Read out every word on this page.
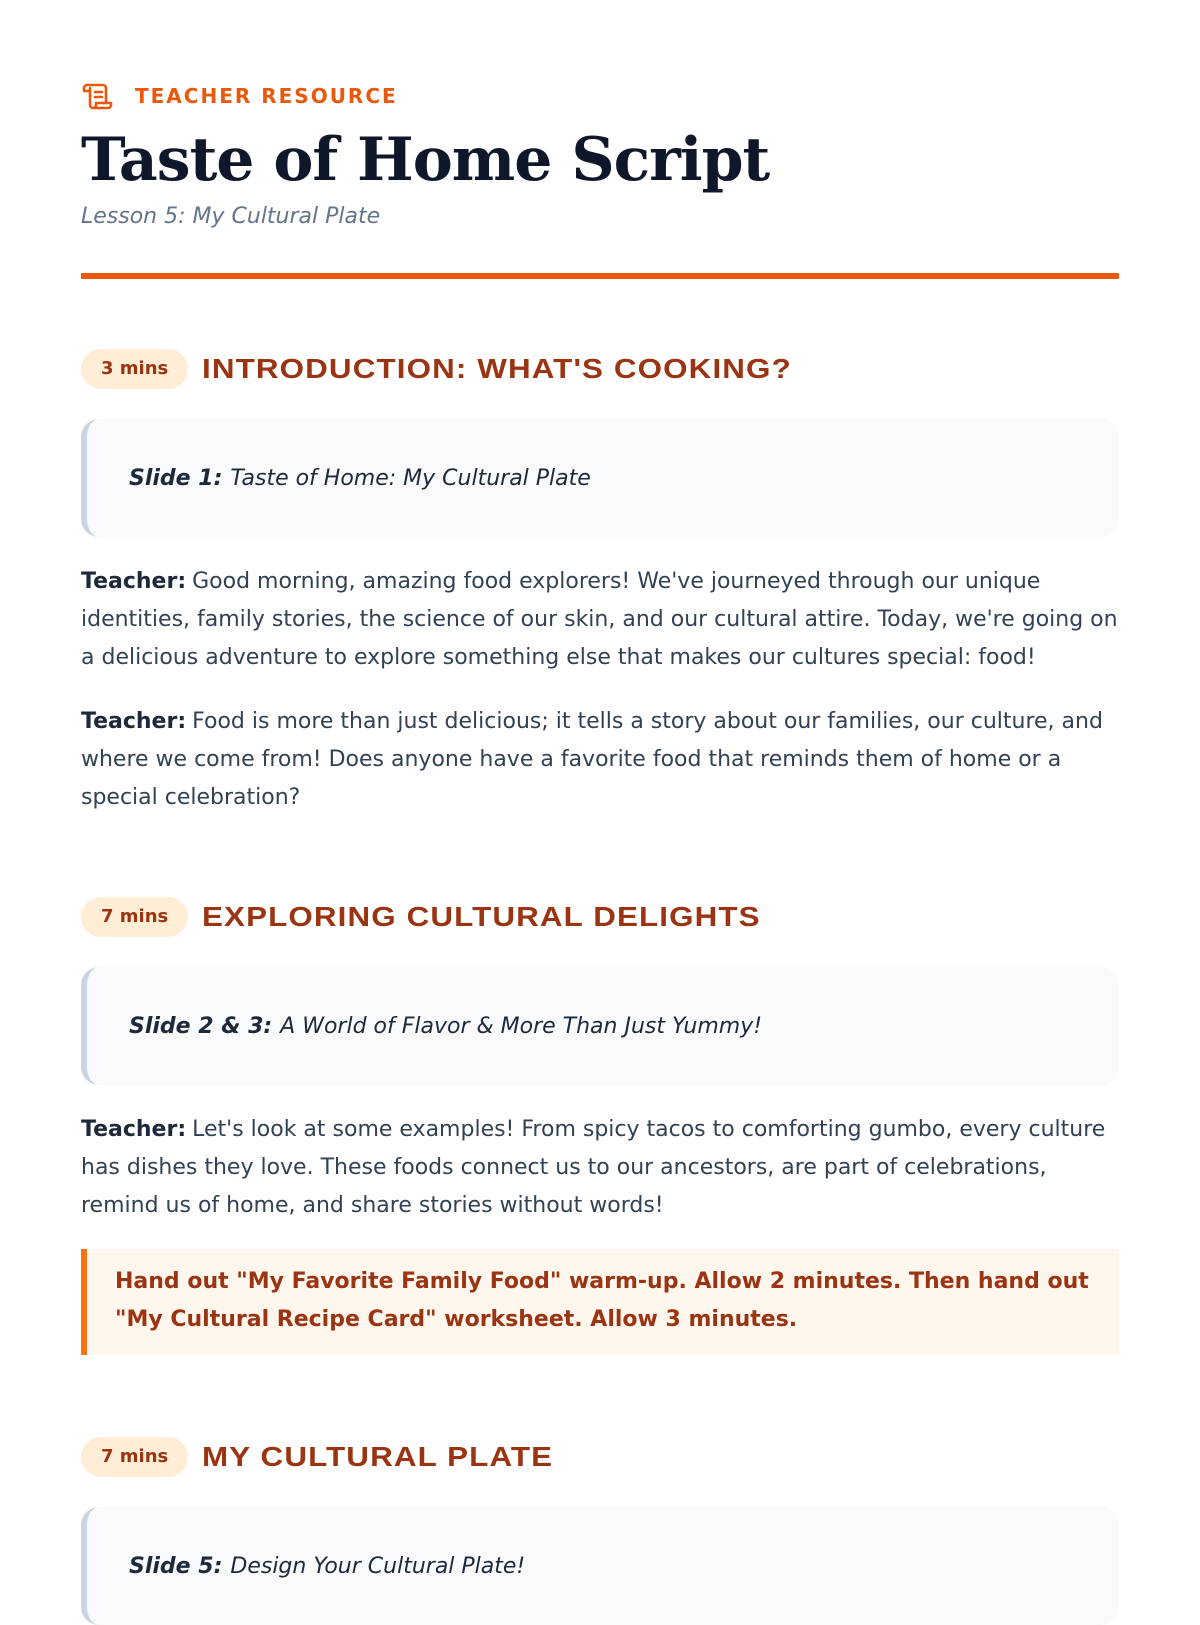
TEACHER RESOURCE
Taste of Home Script
Lesson 5: My Cultural Plate
3 mins	INTRODUCTION: WHAT'S COOKING?
Slide 1: Taste of Home: My Cultural Plate

Teacher: Good morning, amazing food explorers! We've journeyed through our unique identities, family stories, the science of our skin, and our cultural attire. Today, we're going on a delicious adventure to explore something else that makes our cultures special: food!

Teacher: Food is more than just delicious; it tells a story about our families, our culture, and where we come from! Does anyone have a favorite food that reminds them of home or a special celebration?

7 mins	EXPLORING CULTURAL DELIGHTS
Slide 2 & 3: A World of Flavor & More Than Just Yummy!

Teacher: Let's look at some examples! From spicy tacos to comforting gumbo, every culture has dishes they love. These foods connect us to our ancestors, are part of celebrations, remind us of home, and share stories without words!

Hand out "My Favorite Family Food" warm-up. Allow 2 minutes. Then hand out "My Cultural Recipe Card" worksheet. Allow 3 minutes.
7 mins	MY CULTURAL PLATE
Slide 5: Design Your Cultural Plate!
